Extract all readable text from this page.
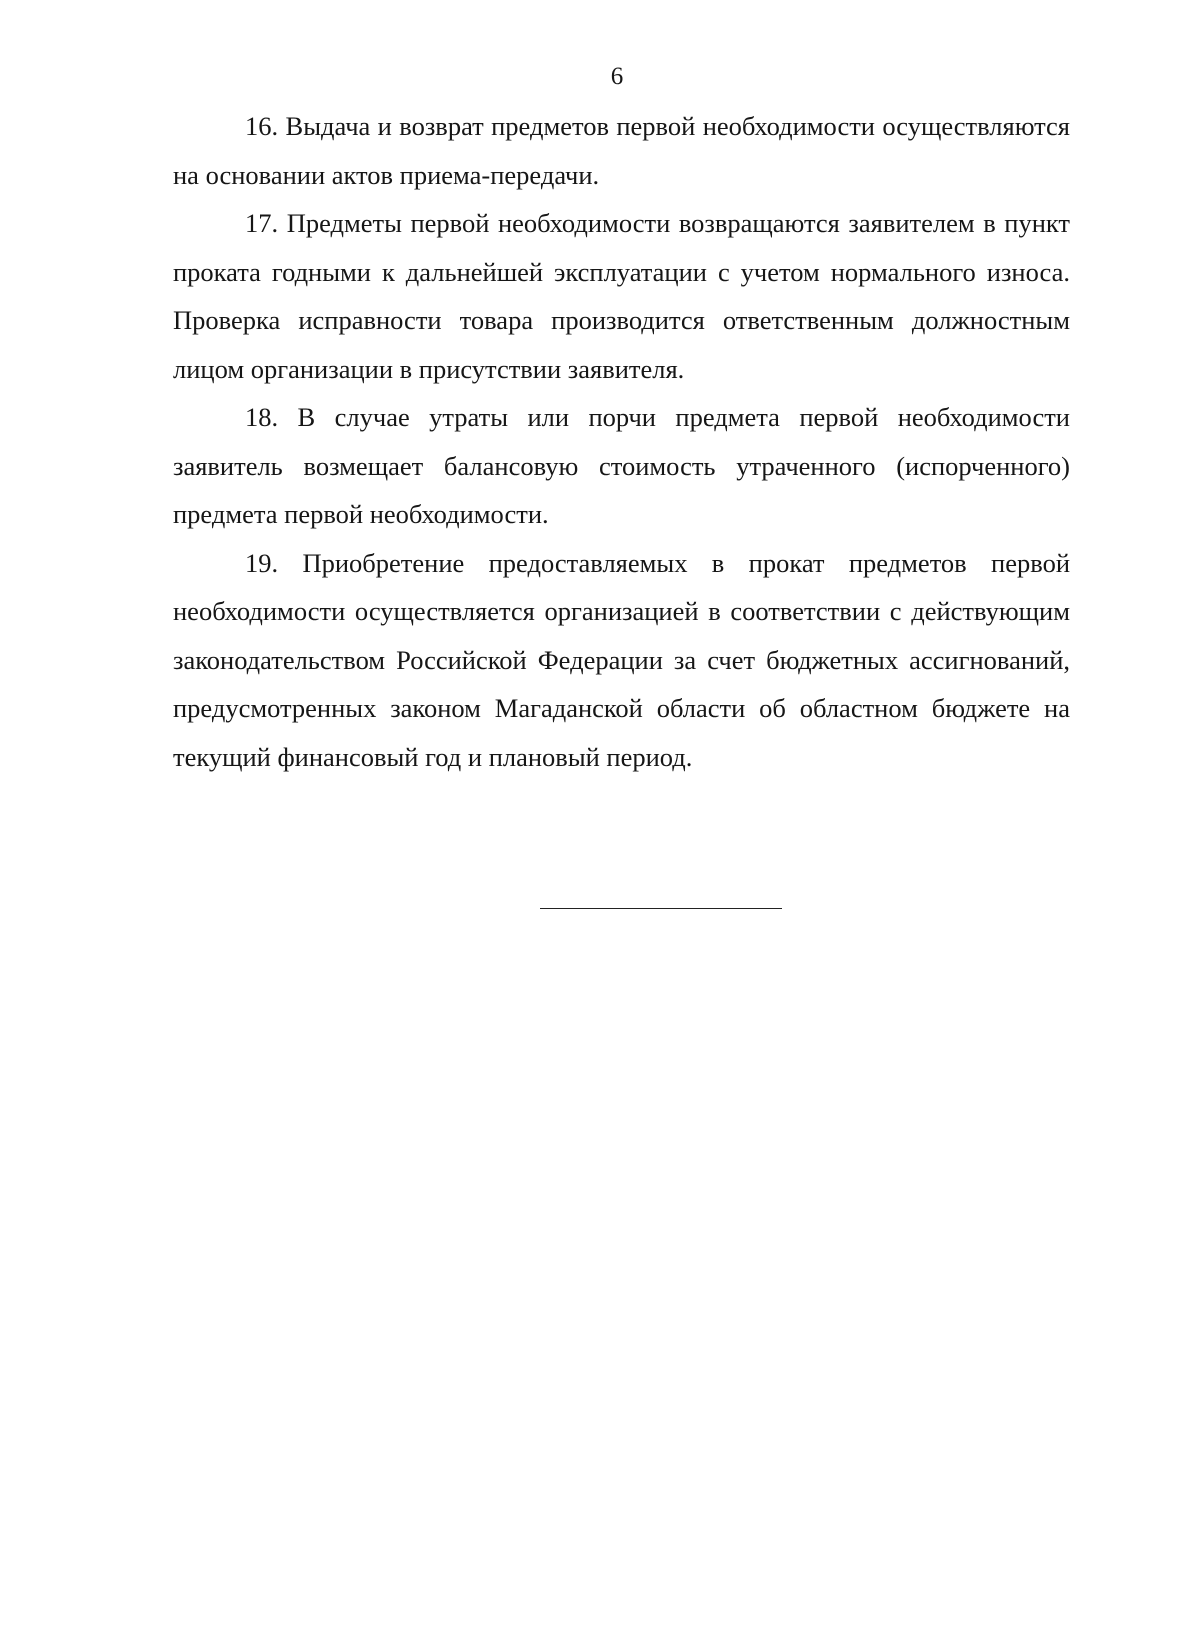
6

16. Выдача и возврат предметов первой необходимости осуществляются на основании актов приема-передачи.

17. Предметы первой необходимости возвращаются заявителем в пункт проката годными к дальнейшей эксплуатации с учетом нормального износа. Проверка исправности товара производится ответственным должностным лицом организации в присутствии заявителя.

18. В случае утраты или порчи предмета первой необходимости заявитель возмещает балансовую стоимость утраченного (испорченного) предмета первой необходимости.

19. Приобретение предоставляемых в прокат предметов первой необходимости осуществляется организацией в соответствии с действующим законодательством Российской Федерации за счет бюджетных ассигнований, предусмотренных законом Магаданской области об областном бюджете на текущий финансовый год и плановый период.
